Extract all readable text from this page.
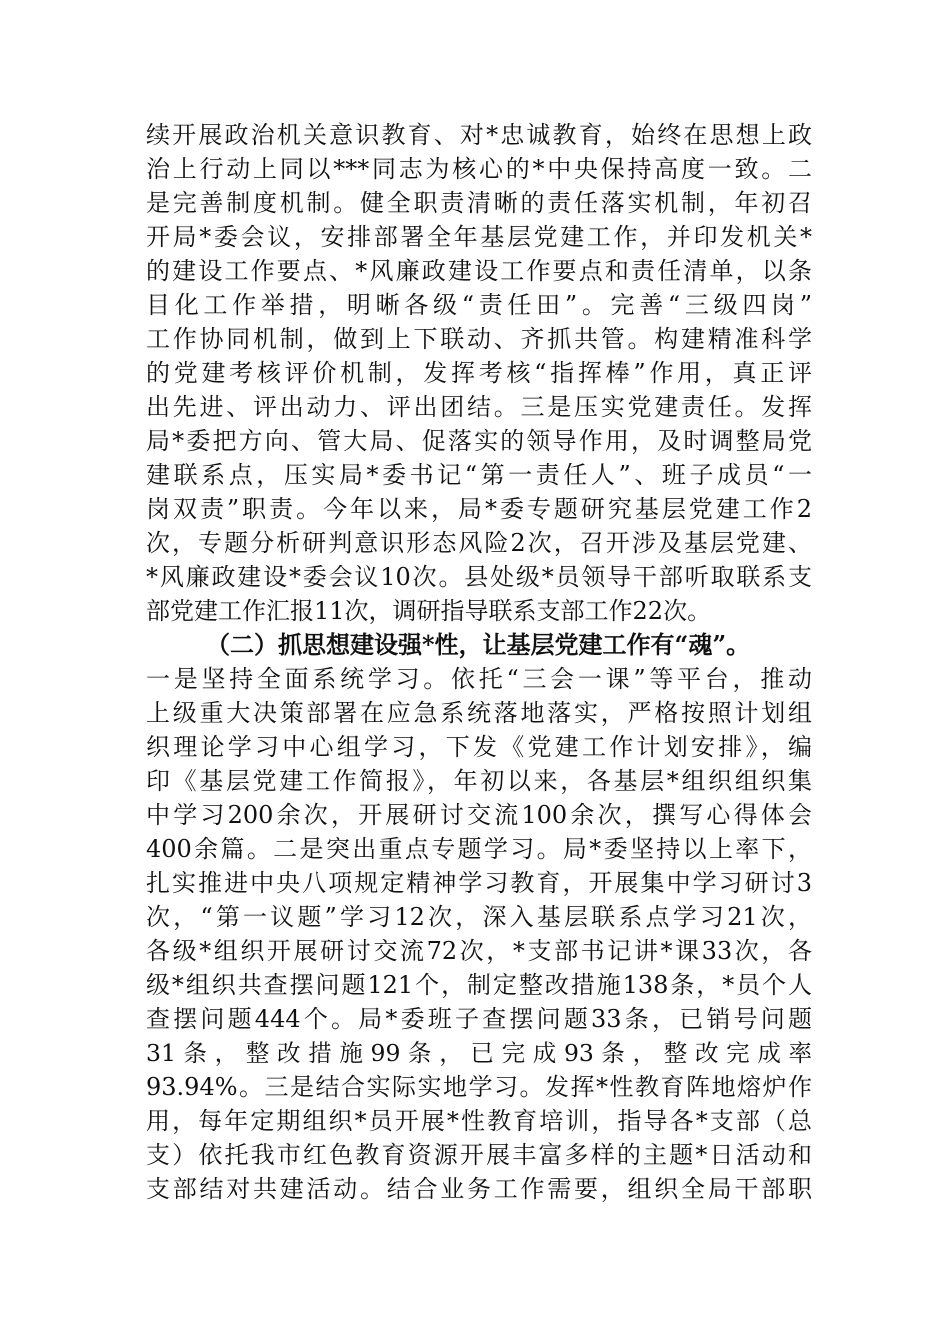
续开展政治机关意识教育、对*忠诚教育，始终在思想上政
治上行动上同以***同志为核心的*中央保持高度一致。二
是完善制度机制。健全职责清晰的责任落实机制，年初召
开局*委会议，安排部署全年基层党建工作，并印发机关*
的建设工作要点、*风廉政建设工作要点和责任清单，以条
目化工作举措，明晰各级“责任田”。完善“三级四岗”
工作协同机制，做到上下联动、齐抓共管。构建精准科学
的党建考核评价机制，发挥考核“指挥棒”作用，真正评
出先进、评出动力、评出团结。三是压实党建责任。发挥
局*委把方向、管大局、促落实的领导作用，及时调整局党
建联系点，压实局*委书记“第一责任人”、班子成员“一
岗双责”职责。今年以来，局*委专题研究基层党建工作2
次，专题分析研判意识形态风险2次，召开涉及基层党建、
*风廉政建设*委会议10次。县处级*员领导干部听取联系支
部党建工作汇报11次，调研指导联系支部工作22次。
（二）抓思想建设强*性，让基层党建工作有“魂”。
一是坚持全面系统学习。依托“三会一课”等平台，推动
上级重大决策部署在应急系统落地落实，严格按照计划组
织理论学习中心组学习，下发《党建工作计划安排》，编
印《基层党建工作简报》，年初以来，各基层*组织组织集
中学习200余次，开展研讨交流100余次，撰写心得体会
400余篇。二是突出重点专题学习。局*委坚持以上率下，
扎实推进中央八项规定精神学习教育，开展集中学习研讨3
次，“第一议题”学习12次，深入基层联系点学习21次，
各级*组织开展研讨交流72次，*支部书记讲*课33次，各
级*组织共查摆问题121个，制定整改措施138条，*员个人
查摆问题444个。局*委班子查摆问题33条，已销号问题
31 条 ， 整 改 措 施 99 条 ， 已 完 成 93 条 ， 整 改 完 成 率
93.94%。三是结合实际实地学习。发挥*性教育阵地熔炉作
用，每年定期组织*员开展*性教育培训，指导各*支部（总
支）依托我市红色教育资源开展丰富多样的主题*日活动和
支部结对共建活动。结合业务工作需要，组织全局干部职
